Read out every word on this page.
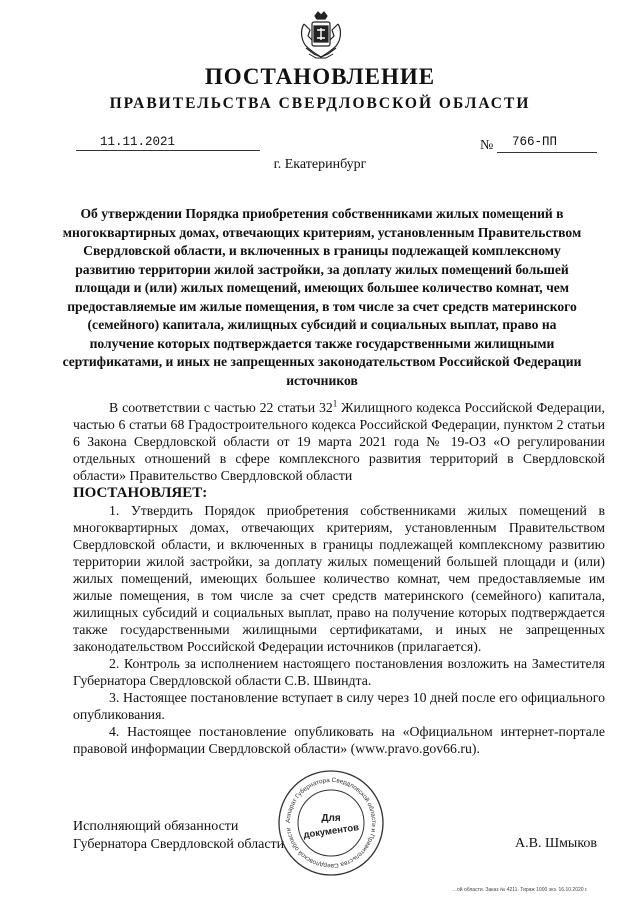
ПОСТАНОВЛЕНИЕ
ПРАВИТЕЛЬСТВА СВЕРДЛОВСКОЙ ОБЛАСТИ
11.11.2021	№ 766-ПП
г. Екатеринбург
Об утверждении Порядка приобретения собственниками жилых помещений в многоквартирных домах, отвечающих критериям, установленным Правительством Свердловской области, и включенных в границы подлежащей комплексному развитию территории жилой застройки, за доплату жилых помещений большей площади и (или) жилых помещений, имеющих большее количество комнат, чем предоставляемые им жилые помещения, в том числе за счет средств материнского (семейного) капитала, жилищных субсидий и социальных выплат, право на получение которых подтверждается также государственными жилищными сертификатами, и иных не запрещенных законодательством Российской Федерации источников

В соответствии с частью 22 статьи $32^1$ Жилищного кодекса Российской Федерации, частью 6 статьи 68 Градостроительного кодекса Российской Федерации, пунктом 2 статьи 6 Закона Свердловской области от 19 марта 2021 года № 19-ОЗ «О регулировании отдельных отношений в сфере комплексного развития территорий в Свердловской области» Правительство Свердловской области

ПОСТАНОВЛЯЕТ:

1. Утвердить Порядок приобретения собственниками жилых помещений в многоквартирных домах, отвечающих критериям, установленным Правительством Свердловской области, и включенных в границы подлежащей комплексному развитию территории жилой застройки, за доплату жилых помещений большей площади и (или) жилых помещений, имеющих большее количество комнат, чем предоставляемые им жилые помещения, в том числе за счет средств материнского (семейного) капитала, жилищных субсидий и социальных выплат, право на получение которых подтверждается также государственными жилищными сертификатами, и иных не запрещенных законодательством Российской Федерации источников (прилагается).

2. Контроль за исполнением настоящего постановления возложить на Заместителя Губернатора Свердловской области С.В. Швиндта.

3. Настоящее постановление вступает в силу через 10 дней после его официального опубликования.

4. Настоящее постановление опубликовать на «Официальном интернет-портале правовой информации Свердловской области» (www.pravo.gov66.ru).

Исполняющий обязанности
Губернатора Свердловской области	А.В. Шмыков
Аппарат Губернатора Свердловской области и Правительства Свердловской области
Для
документов
…ой области. Заказ № 4211. Тираж 1000 экз. 16.10.2020 г.
